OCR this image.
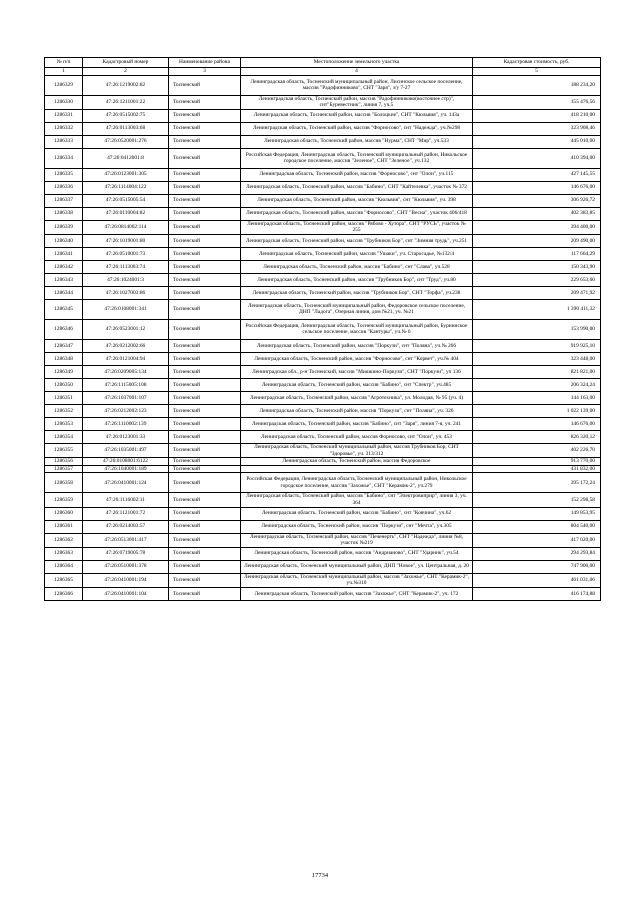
№ п/п	Кадастровый номер	Наименование района	Местоположение земельного участка	Кадастровая стоимость, руб.
1	2	3	4	5
1286329	47:26:1219002:82	Тосненский	Ленинградская область, Тосненский муниципальный район, Лисинское сельское поселение, массив "Радофинниково", СНТ "Заря", з/у 7-27	188 234,20
1286330	47:26:1211001:22	Тосненский	Ленинградская область, Тосненский район, массив "Радофинниково(восточнее стр)", снт"Буревестник", линия 7, уч.5	155 476,56
1286331	47:26:0515002:75	Тосненский	Ленинградская область, Тосненский район, массив "Болоцкие", СНТ "Кюльвия", уч. 143а	418 210,00
1286332	47:26:0113003:68	Тосненский	Ленинградская область, Тосненский район, массив "Форносово", снт "Надежда", уч.№298	323 908,46
1286333	47:26:0520001:276	Тосненский	Ленинградская область, Тосненский район, массив "Нурма", СНТ "Мир", уч.533	445 010,00
1286334	47:26:0412001:8	Тосненский	Российская Федерация, Ленинградская область, Тосненский муниципальный район, Никольское городское поселение, массив "Зеленое", СНТ "Зеленое", уч.132	410 394,00
1286335	47:26:0123001:305	Тосненский	Ленинградская область, Тосненский район, массив "Форносово", снт "Олон", уч.115	427 145,55
1286336	47:26:1114004:122	Тосненский	Ленинградская область, Тосненский район, массив "Бабино", СНТ "Кайтелевка", участок № 372	146 676,00
1286337	47:26:0515005:54	Тосненский	Ленинградская область, Тосненский район, массив "Кюльвия", снт "Кюльвия", уч. 398	306 926,72
1286338	47:26:0110004:82	Тосненский	Ленинградская область, Тосненский район, массив "Форносово", СНТ "Весна", участок 406/418	402 383,85
1286339	47:26:0814002:114	Тосненский	Ленинградская область, Тосненский район, массив "Рябово - Хутора", СНТ "РУСЬ", участок № 255	394 400,00
1286340	47:26:1019001:80	Тосненский	Ленинградская область, Тосненский район, массив "Трубников Бор", снт "Зимняя трудь", уч.251	209 490,00
1286341	47:26:0510001:73	Тосненский	Ленинградская область, Тосненский район, массив "Ушаки", уч. Старосадье, №132/4	117 664,29
1286342	47:26:1113003:74	Тосненский	Ленинградская область, Тосненский район, массив "Бабино", снт "Слава", уч.528	150 343,90
1286343	47:26:1024001:3	Тосненский	Ленинградская область, Тосненский район, массив "Трубников Бор", снт "Труд", уч.80	229 653,60
1286344	47:26:1027003:86	Тосненский	Ленинградская область, Тосненский район, массив "Трубников Бор", СНТ "Торфа", уч.238	209 471,92
1286345	47:26:0108001:341	Тосненский	Ленинградская область, Тосненский муниципальный район, Федоровское сельское поселение, ДНП "Ладога", Озерная линия, дом №21, уч. №21	1 390 411,32
1286346	47:26:0523001:12	Тосненский	Российская Федерация, Ленинградская область, Тосненский муниципальный район, Бурнинское сельское поселение, массив "Кантуры", уч.№ 6	153 990,00
1286347	47:26:0212002:66	Тосненский	Ленинградская область, Тосненский район, массив "Поркузи", снт "Поляна", уч.№ 266	919 925,10
1286348	47:26:0121004:94	Тосненский	Ленинградская область, Тосненский район, массив "Форносово", снт "Корвет", уч.№ 404	323 448,00
1286349	47:26:0209005:134	Тосненский	Ленинградская обл., р-н Тосненский, массив "Мишкино-Поркузи", СНТ "Поркузи", уч 136	821 821,00
1286350	47:26:1115005:108	Тосненский	Ленинградская область, Тосненский район, массив "Бабино", снт "Спектр", уч.485	206 324,24
1286351	47:26:1037001:107	Тосненский	Ленинградская область, Тосненский район, массив "Агротехника", ул. Молодая, № 95 (уч. 4)	144 163,00
1286352	47:26:0212002:123	Тосненский	Ленинградская область, Тосненский район, массив "Поркузи", снт "Поляна", уч. 326	1 022 139,00
1286353	47:26:1110002:139	Тосненский	Ленинградская область, Тосненский район, массив "Бабино", снт "Заря", линия 7-я, уч. 241	146 676,00
1286354	47:26:0123001:33	Тосненский	Ленинградская область, Тосненский район, массив Форносово, снт "Олон", уч. 453	826 320,12
1286355	47:26:1035001:497	Тосненский	Ленинградская область, Тосненский муниципальный район, массив Трубников Бор, СНТ "Здоровье", уч. 313/312	402 226,70
1286356	47:26:0108001:6122	Тосненский	Ленинградская область, Тосненский район, массив Федоровское	913 770,00
1286357	47:26:1040001:189	Тосненский		431 832,00
1286358	47:26:0410001:124	Тосненский	Российская Федерация, Ленинградская область,Тосненский муниципальный район, Никольское городское поселение, массив "Захожье", СНТ "Керамик-2", уч.279	395 172,24
1286359	47:26:1116002:11	Тосненский	Ленинградская область, Тосненский район, массив "Бабино", снт "Электровиприр", линия 3, уч. 364	152 298,58
1286360	47:26:1121001:72	Тосненский	Ленинградская область, Тосненский район, массив "Бабино", снт "Ковчина", уч.62	149 853,95
1286361	47:26:0214003:57	Тосненский	Ленинградская область, Тосненский район, массив "Поркузи", снт "Мечта", уч.305	804 540,00
1286362	47:26:0513001:417	Тосненский	Ленинградская область, Тосненский район, массив "Печенерть", СНТ "Надежда", линия №8, участок №219	417 020,00
1286363	47:26:0719005:78	Тосненский	Ленинградская область, Тосненский район, массив "Андрианово", СНТ "Ударник", уч.54	294 293,84
1286364	47:26:0510001:378	Тосненский	Ленинградская область, Тосненский муниципальный район, ДНП "Новое", ул. Центральная, д. 20	747 900,00
1286365	47:26:0410001:194	Тосненский	Ленинградская область, Тосненский муниципальный район, массив "Захожье", СНТ "Керамик-2", уч.№310	461 031,06
1286366	47:26:0410001:104	Тосненский	Ленинградская область, Тосненский район, массив "Захожье", СНТ "Керамик-2", уч. 172	416 174,88
17734
